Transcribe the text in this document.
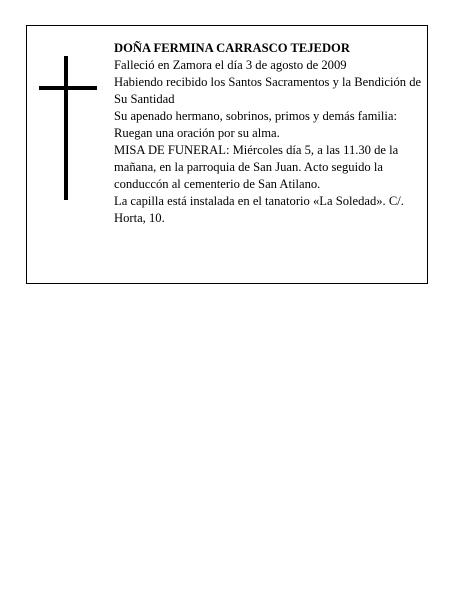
DOÑA FERMINA CARRASCO TEJEDOR

Falleció en Zamora el día 3 de agosto de 2009

Habiendo recibido los Santos Sacramentos y la Bendición de Su Santidad

Su apenado hermano, sobrinos, primos y demás familia: Ruegan una oración por su alma.

MISA DE FUNERAL: Miércoles día 5, a las 11.30 de la mañana, en la parroquia de San Juan. Acto seguido la conduccón al cementerio de San Atilano.

La capilla está instalada en el tanatorio «La Soledad». C/. Horta, 10.
